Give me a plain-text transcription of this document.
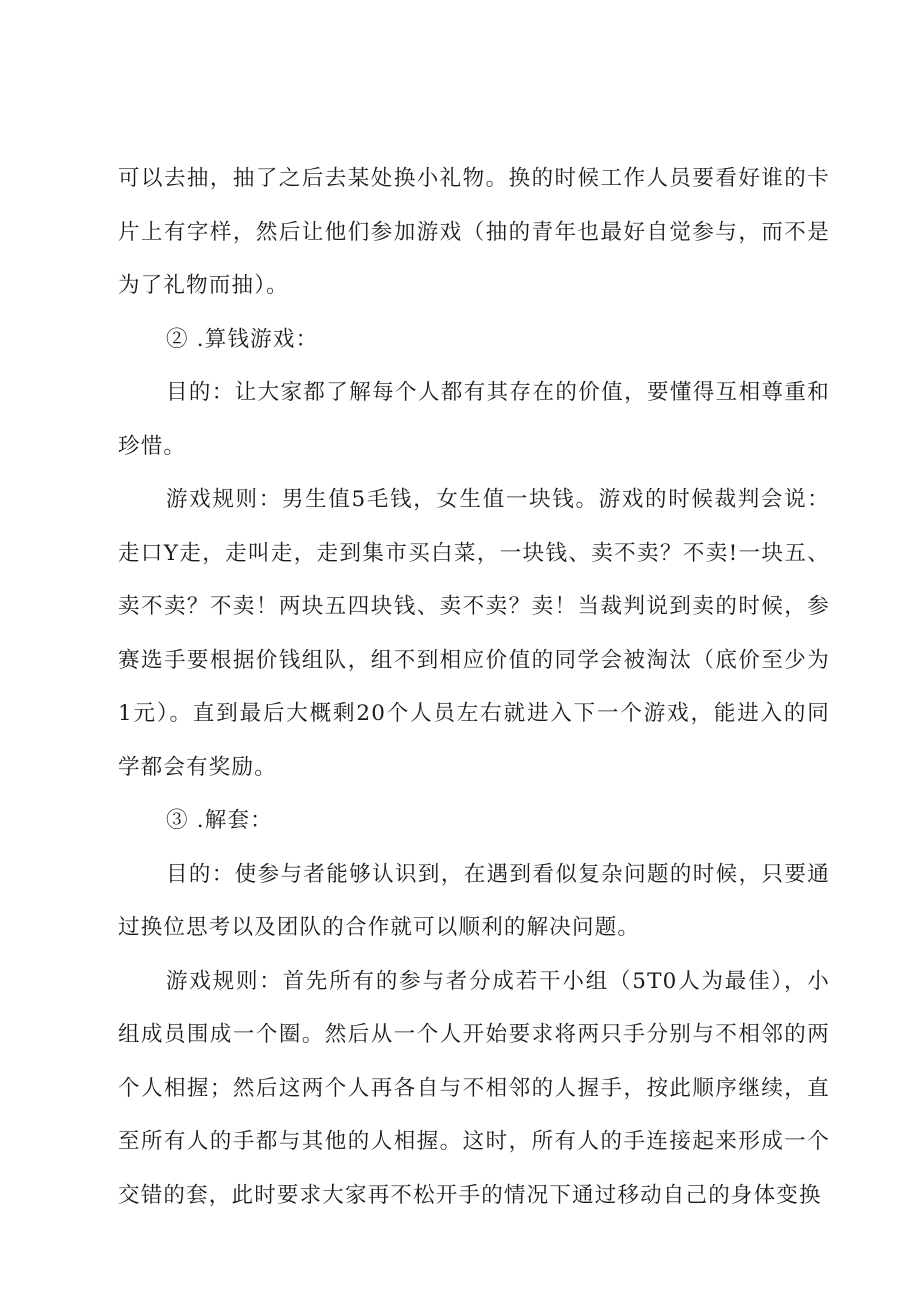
可以去抽，抽了之后去某处换小礼物。换的时候工作人员要看好谁的卡片上有字样，然后让他们参加游戏（抽的青年也最好自觉参与，而不是为了礼物而抽）。

② .算钱游戏：

目的：让大家都了解每个人都有其存在的价值，要懂得互相尊重和珍惜。

游戏规则：男生值5毛钱，女生值一块钱。游戏的时候裁判会说：走口Y走，走叫走，走到集市买白菜，一块钱、卖不卖？不卖!一块五、卖不卖？不卖！两块五四块钱、卖不卖？卖！当裁判说到卖的时候，参赛选手要根据价钱组队，组不到相应价值的同学会被淘汰（底价至少为1元）。直到最后大概剩20个人员左右就进入下一个游戏，能进入的同学都会有奖励。

③ .解套：

目的：使参与者能够认识到，在遇到看似复杂问题的时候，只要通过换位思考以及团队的合作就可以顺利的解决问题。

游戏规则：首先所有的参与者分成若干小组（5T0人为最佳），小组成员围成一个圈。然后从一个人开始要求将两只手分别与不相邻的两个人相握；然后这两个人再各自与不相邻的人握手，按此顺序继续，直至所有人的手都与其他的人相握。这时，所有人的手连接起来形成一个交错的套，此时要求大家再不松开手的情况下通过移动自己的身体变换
